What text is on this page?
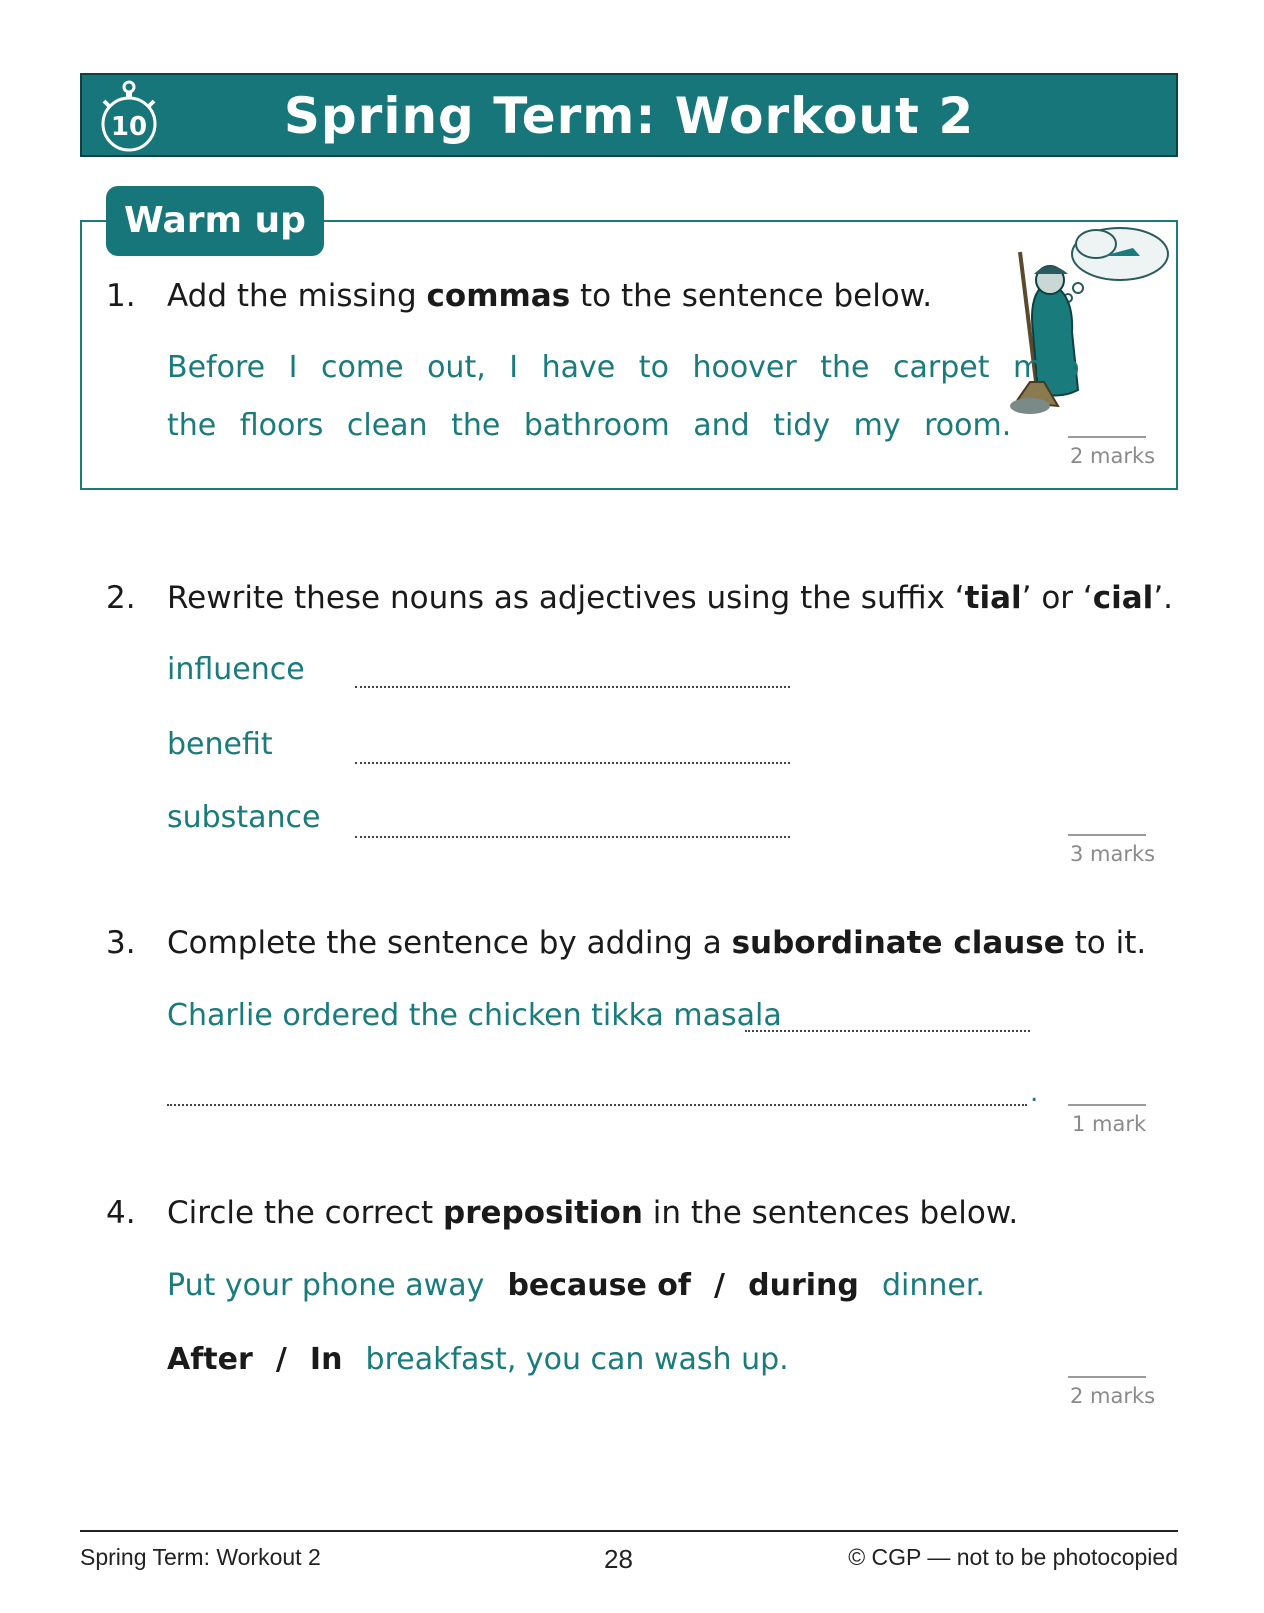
10	Spring Term: Workout 2
Warm up
1. Add the missing commas to the sentence below.
Before I come out, I have to hoover the carpet mop
the floors clean the bathroom and tidy my room.
2 marks
2. Rewrite these nouns as adjectives using the suffix ‘tial’ or ‘cial’.
influence
benefit
substance
3 marks
3. Complete the sentence by adding a subordinate clause to it.
Charlie ordered the chicken tikka masala
.
1 mark
4. Circle the correct preposition in the sentences below.
Put your phone away because of / during dinner.
After / In breakfast, you can wash up.
2 marks
Spring Term: Workout 2	28	© CGP — not to be photocopied
